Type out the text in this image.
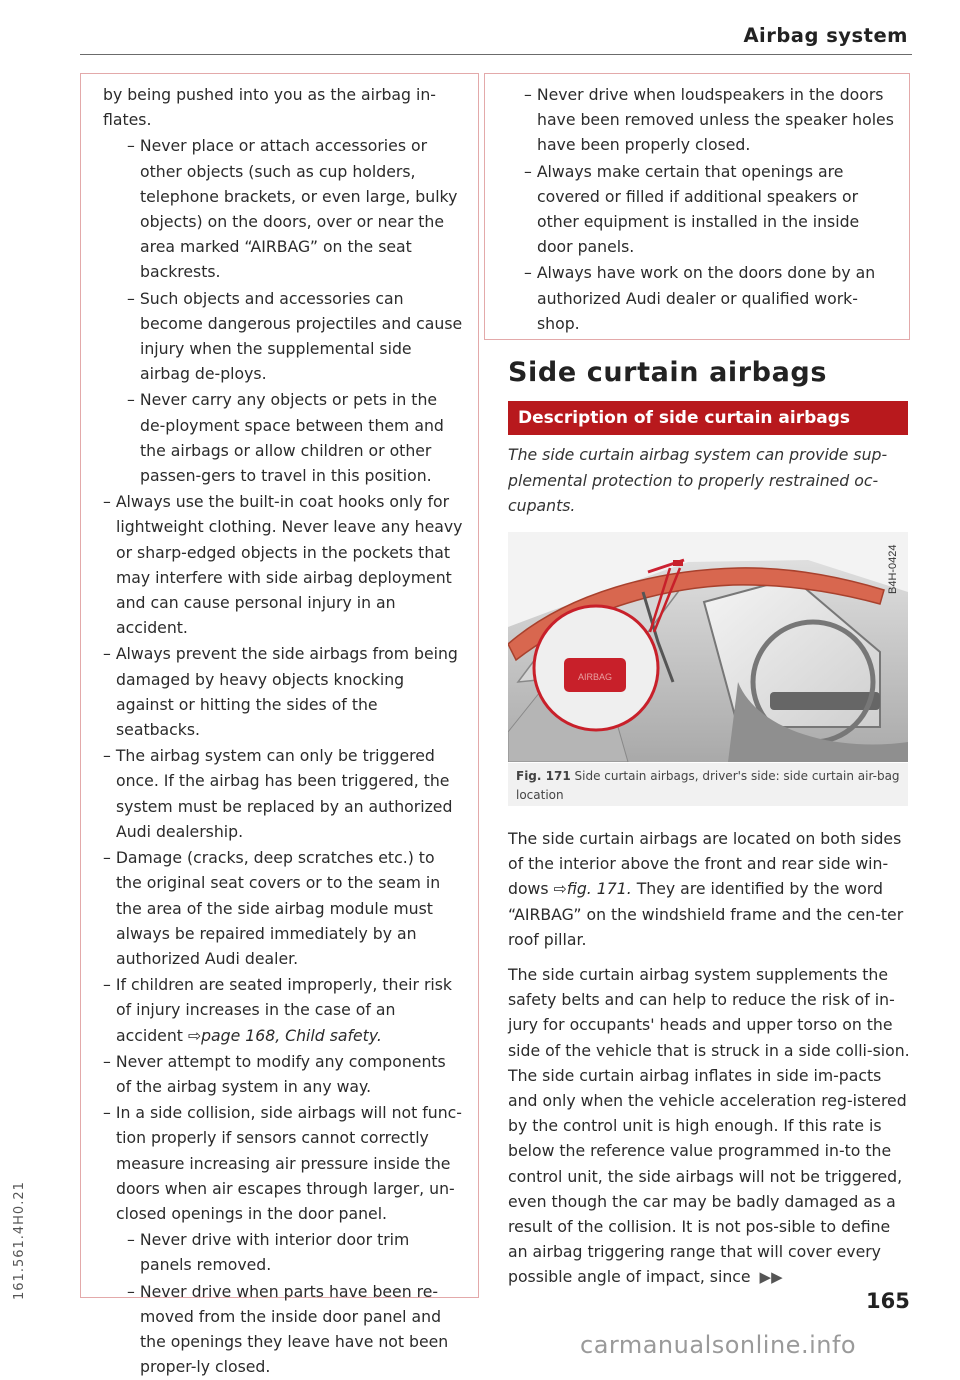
Airbag system
161.561.4H0.21

by being pushed into you as the airbag in-flates.

– Never place or attach accessories or other objects (such as cup holders, telephone brackets, or even large, bulky objects) on the doors, over or near the area marked “AIRBAG” on the seat backrests.

– Such objects and accessories can become dangerous projectiles and cause injury when the supplemental side airbag de-ploys.

– Never carry any objects or pets in the de-ployment space between them and the airbags or allow children or other passen-gers to travel in this position.

– Always use the built-in coat hooks only for lightweight clothing. Never leave any heavy or sharp-edged objects in the pockets that may interfere with side airbag deployment and can cause personal injury in an accident.

– Always prevent the side airbags from being damaged by heavy objects knocking against or hitting the sides of the seatbacks.

– The airbag system can only be triggered once. If the airbag has been triggered, the system must be replaced by an authorized Audi dealership.

– Damage (cracks, deep scratches etc.) to the original seat covers or to the seam in the area of the side airbag module must always be repaired immediately by an authorized Audi dealer.

– If children are seated improperly, their risk of injury increases in the case of an accident ⇨page 168, Child safety.

– Never attempt to modify any components of the airbag system in any way.

– In a side collision, side airbags will not func-tion properly if sensors cannot correctly measure increasing air pressure inside the doors when air escapes through larger, un-closed openings in the door panel.

– Never drive with interior door trim panels removed.

– Never drive when parts have been re-moved from the inside door panel and the openings they leave have not been proper-ly closed.

– Never drive when loudspeakers in the doors have been removed unless the speaker holes have been properly closed.

– Always make certain that openings are covered or filled if additional speakers or other equipment is installed in the inside door panels.

– Always have work on the doors done by an authorized Audi dealer or qualified work-shop.

Side curtain airbags
Description of side curtain airbags
The side curtain airbag system can provide sup-plemental protection to properly restrained oc-cupants.
AIRBAG
B4H-0424
Fig. 171 Side curtain airbags, driver's side: side curtain air-bag location

The side curtain airbags are located on both sides of the interior above the front and rear side win-dows ⇨fig. 171. They are identified by the word “AIRBAG” on the windshield frame and the cen-ter roof pillar.

The side curtain airbag system supplements the safety belts and can help to reduce the risk of in-jury for occupants' heads and upper torso on the side of the vehicle that is struck in a side colli-sion. The side curtain airbag inflates in side im-pacts and only when the vehicle acceleration reg-istered by the control unit is high enough. If this rate is below the reference value programmed in-to the control unit, the side airbags will not be triggered, even though the car may be badly damaged as a result of the collision. It is not pos-sible to define an airbag triggering range that will cover every possible angle of impact, since ▶▶

165
carmanualsonline.info
